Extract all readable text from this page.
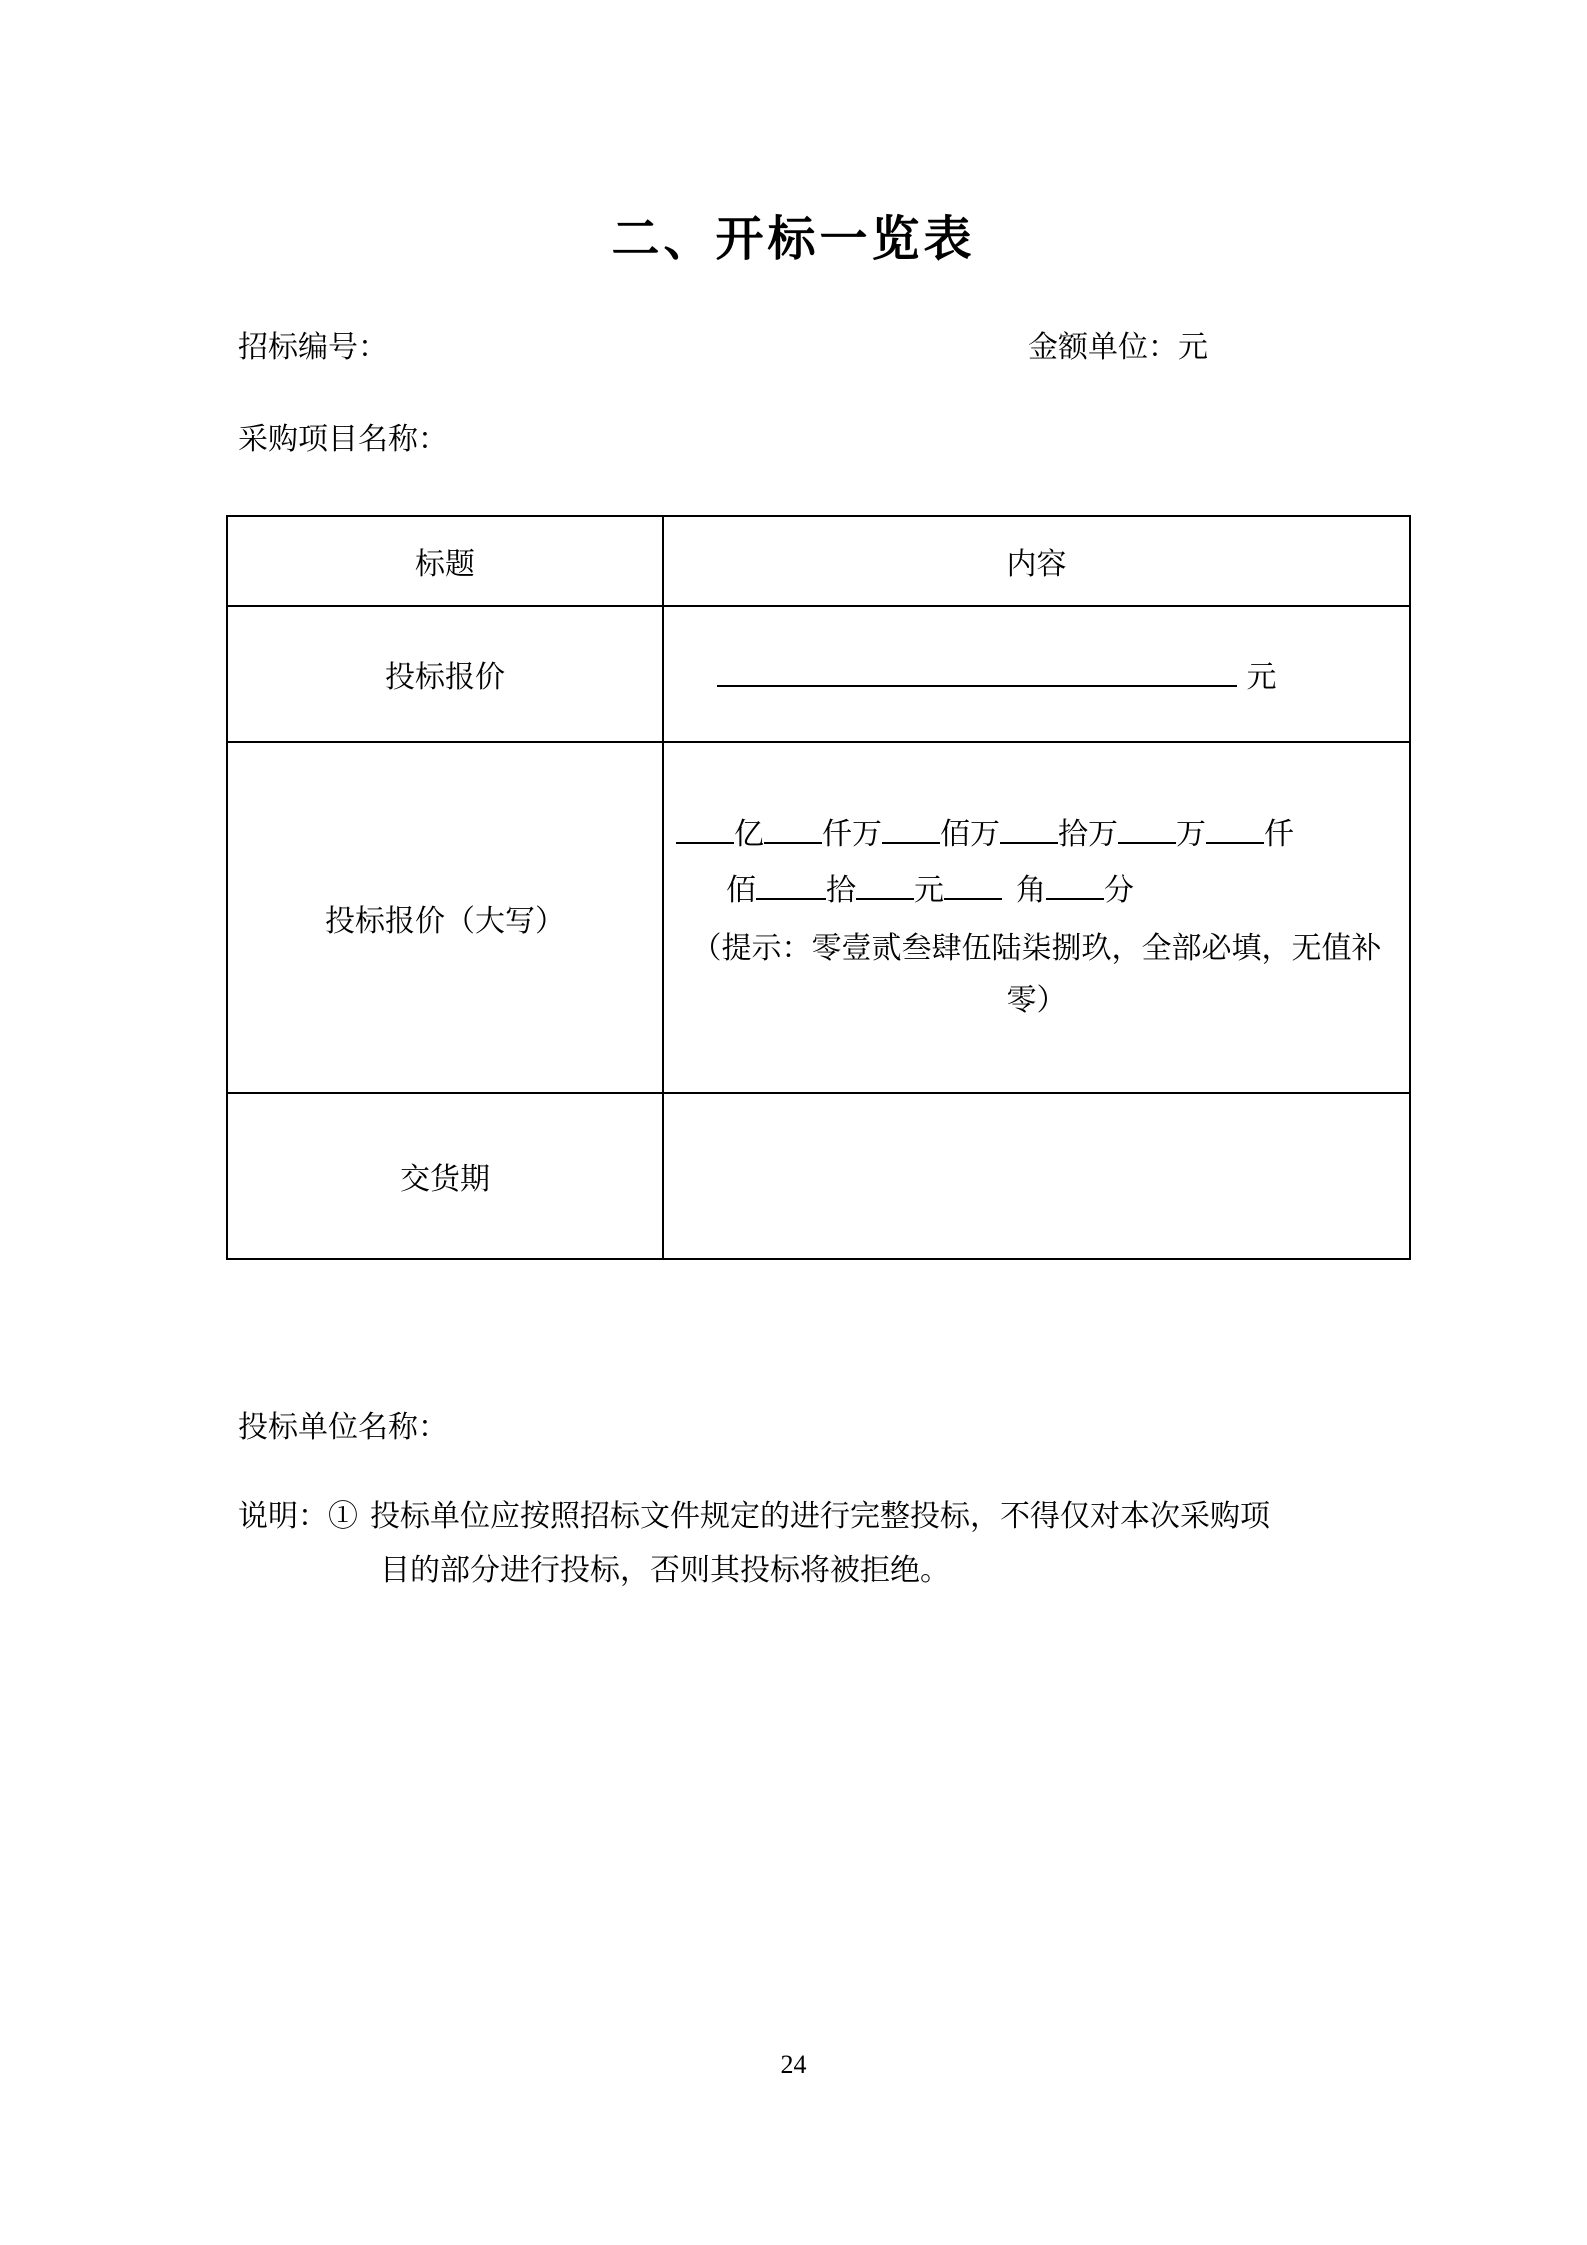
二、开标一览表
招标编号：	金额单位：元
采购项目名称：
标题	内容
投标报价	元

投标报价（大写）	亿 仟万 佰万 拾万 万 仟
佰 拾 元 角 分
（提示：零壹贰叁肆伍陆柒捌玖，全部必填，无值补
零）

交货期	
投标单位名称：
说明：① 投标单位应按照招标文件规定的进行完整投标，不得仅对本次采购项目的部分进行投标，否则其投标将被拒绝。
24
